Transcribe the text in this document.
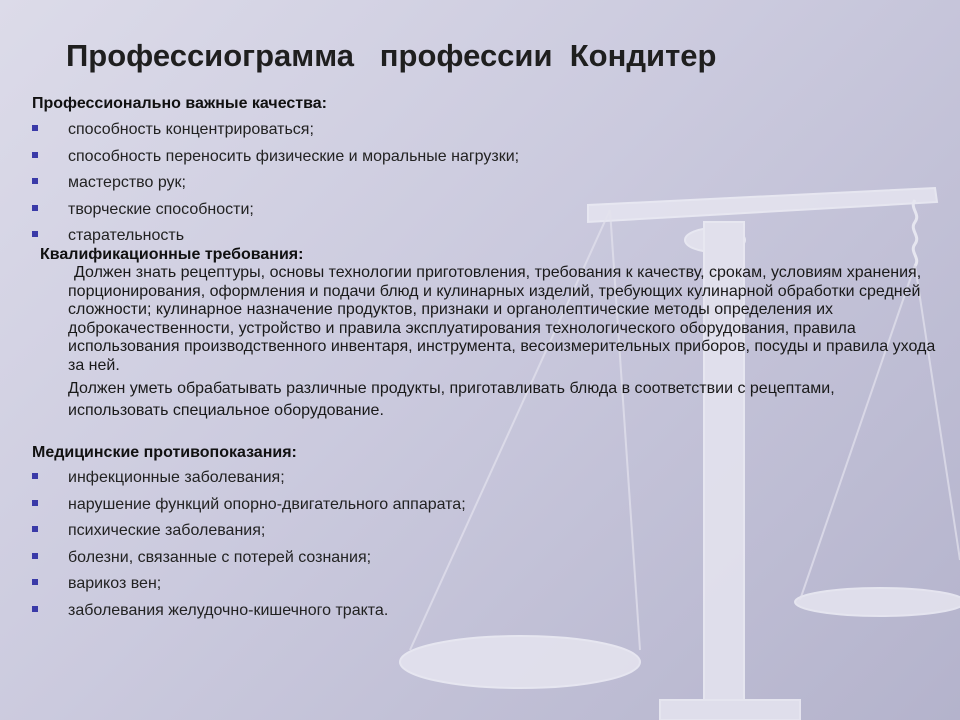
Профессиограмма   профессии  Кондитер

Профессионально важные качества:

способность концентрироваться;
способность переносить физические и моральные нагрузки;
мастерство рук;
творческие способности;
старательность

Квалификационные требования:

Должен знать рецептуры, основы технологии приготовления, требования к качеству, срокам, условиям хранения, порционирования, оформления и подачи блюд и кулинарных изделий, требующих кулинарной обработки средней сложности; кулинарное назначение продуктов, признаки и органолептические методы определения их доброкачественности, устройство и правила эксплуатирования технологического оборудования, правила использования производственного инвентаря, инструмента, весоизмерительных приборов, посуды и правила ухода за ней.

Должен уметь обрабатывать различные продукты, приготавливать блюда в соответствии с рецептами, использовать специальное оборудование.

Медицинские противопоказания:

инфекционные заболевания;
нарушение функций опорно-двигательного аппарата;
психические заболевания;
болезни, связанные с потерей сознания;
варикоз вен;
заболевания желудочно-кишечного тракта.
